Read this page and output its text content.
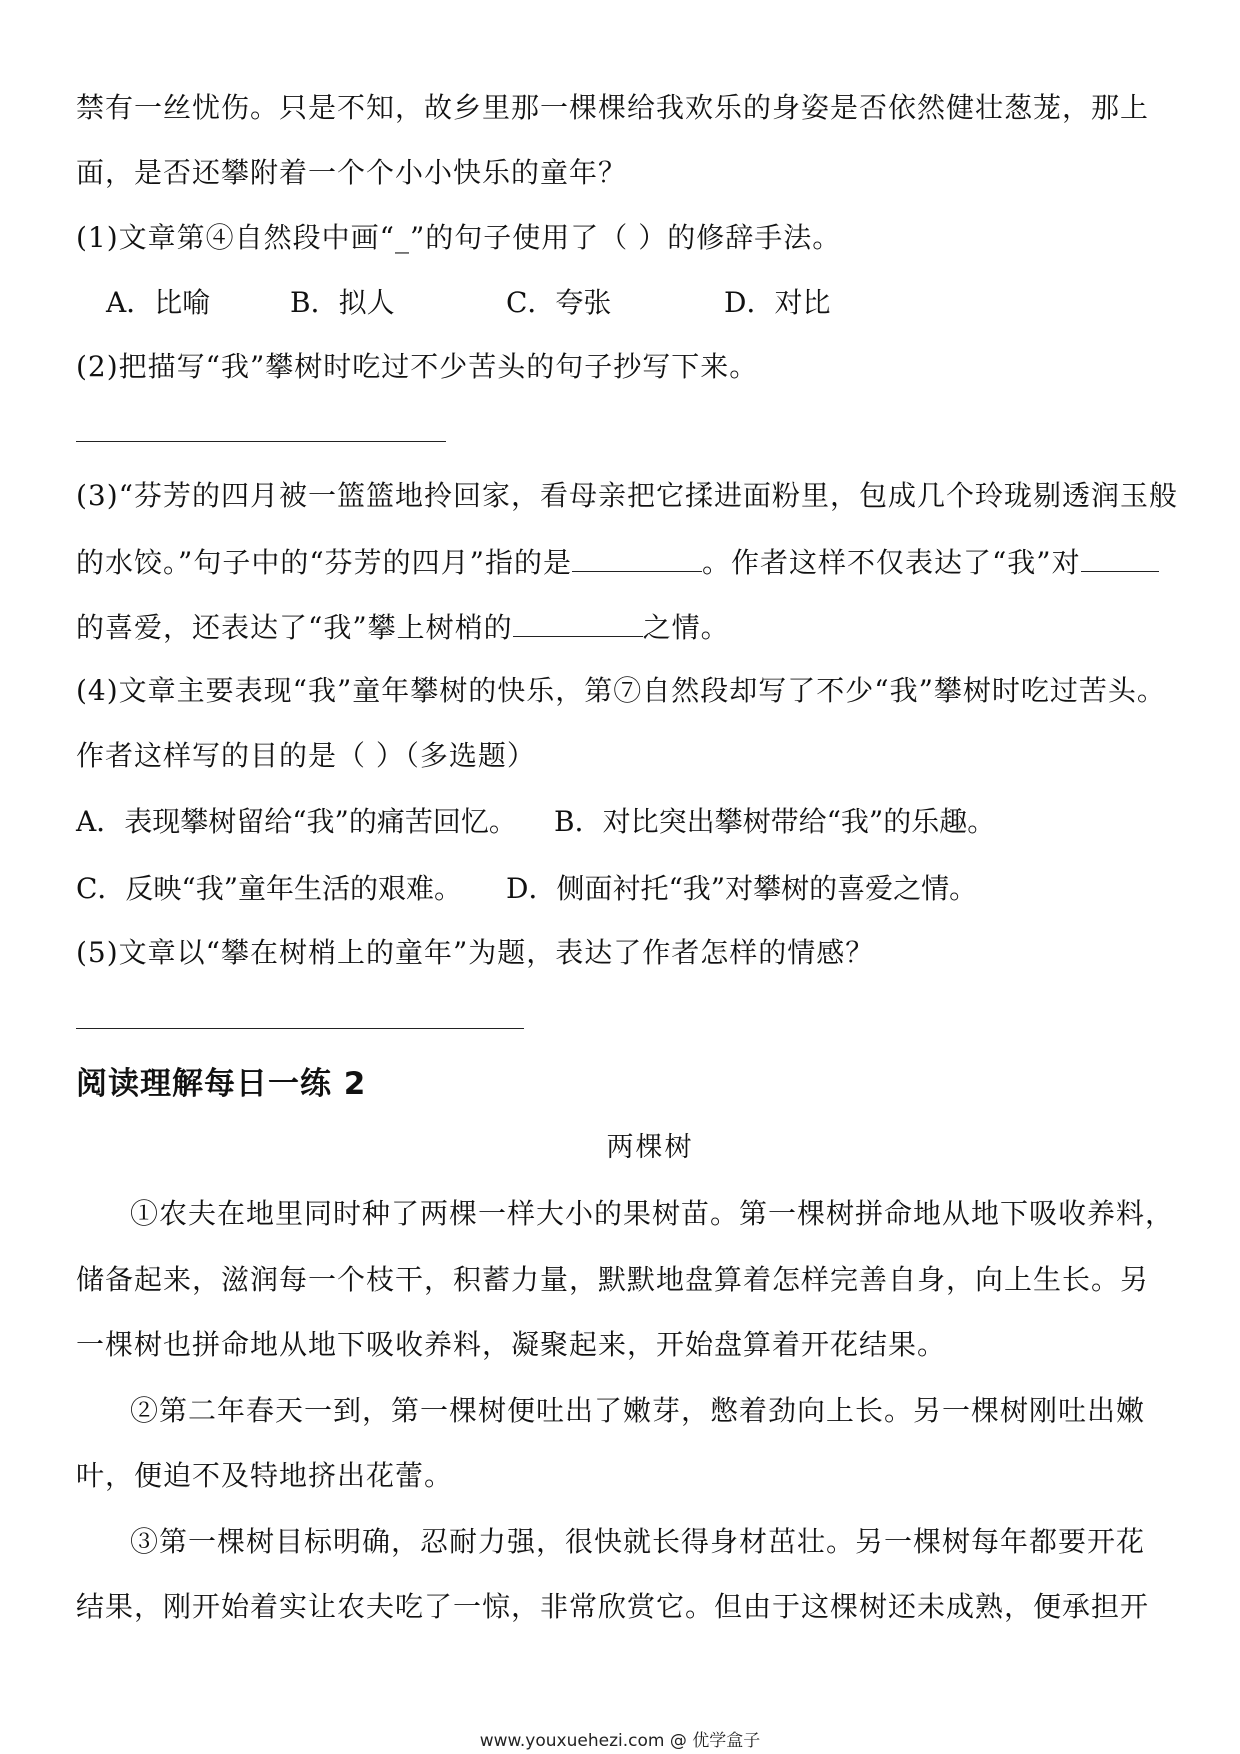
禁有一丝忧伤。只是不知，故乡里那一棵棵给我欢乐的身姿是否依然健壮葱茏，那上
面，是否还攀附着一个个小小快乐的童年？
(1)文章第④自然段中画“_”的句子使用了（ ）的修辞手法。
A．比喻	B．拟人	C．夸张	D．对比
(2)把描写“我”攀树时吃过不少苦头的句子抄写下来。
(3)“芬芳的四月被一篮篮地拎回家，看母亲把它揉进面粉里，包成几个玲珑剔透润玉般
的水饺。”句子中的“芬芳的四月”指的是	。作者这样不仅表达了“我”对
的喜爱，还表达了“我”攀上树梢的	之情。
(4)文章主要表现“我”童年攀树的快乐，第⑦自然段却写了不少“我”攀树时吃过苦头。
作者这样写的目的是（ ）（多选题）
A．表现攀树留给“我”的痛苦回忆。 B．对比突出攀树带给“我”的乐趣。
C．反映“我”童年生活的艰难。 D．侧面衬托“我”对攀树的喜爱之情。
(5)文章以“攀在树梢上的童年”为题，表达了作者怎样的情感？
阅读理解每日一练 2
两棵树
①农夫在地里同时种了两棵一样大小的果树苗。第一棵树拼命地从地下吸收养料，
储备起来，滋润每一个枝干，积蓄力量，默默地盘算着怎样完善自身，向上生长。另
一棵树也拼命地从地下吸收养料，凝聚起来，开始盘算着开花结果。
②第二年春天一到，第一棵树便吐出了嫩芽，憋着劲向上长。另一棵树刚吐出嫩
叶，便迫不及特地挤出花蕾。
③第一棵树目标明确，忍耐力强，很快就长得身材茁壮。另一棵树每年都要开花
结果，刚开始着实让农夫吃了一惊，非常欣赏它。但由于这棵树还未成熟，便承担开
www.youxuehezi.com @ 优学盒子
